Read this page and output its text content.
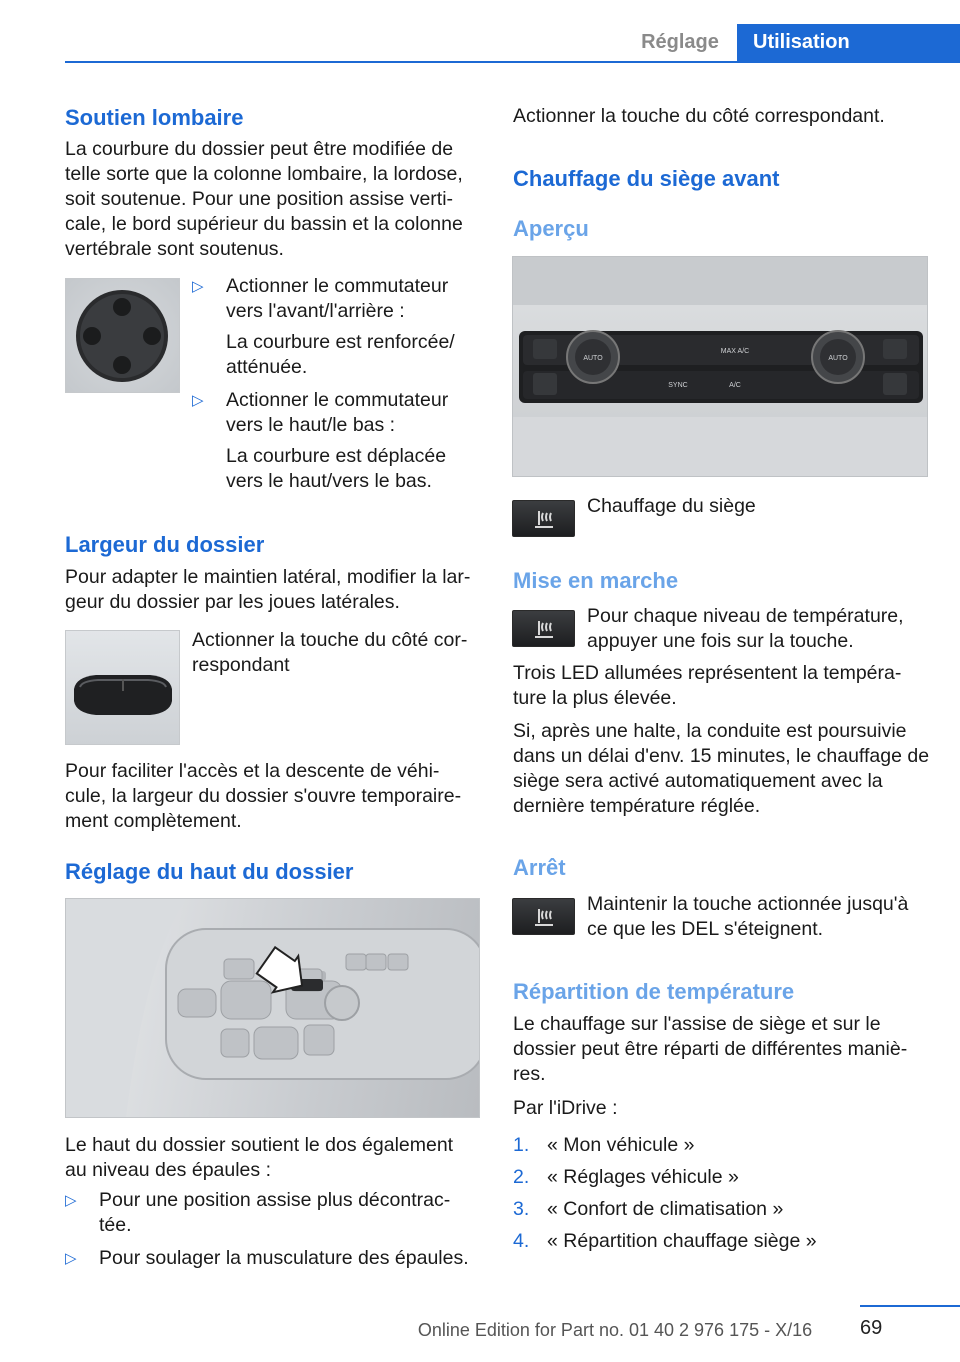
Réglage	Utilisation
Soutien lombaire

La courbure du dossier peut être modifiée de telle sorte que la colonne lombaire, la lordose, soit soutenue. Pour une position assise verti-cale, le bord supérieur du bassin et la colonne vertébrale sont soutenus.

▷	Actionner le commutateur vers l'avant/l'arrière :

La courbure est renforcée/ atténuée.

▷	Actionner le commutateur vers le haut/le bas :

La courbure est déplacée vers le haut/vers le bas.

Largeur du dossier

Pour adapter le maintien latéral, modifier la lar-geur du dossier par les joues latérales.

Actionner la touche du côté cor-respondant

Pour faciliter l'accès et la descente de véhi-cule, la largeur du dossier s'ouvre temporaire-ment complètement.

Réglage du haut du dossier

Le haut du dossier soutient le dos également au niveau des épaules :

▷	Pour une position assise plus décontrac-tée.

▷	Pour soulager la musculature des épaules.

Actionner la touche du côté correspondant.

Chauffage du siège avant
Aperçu
AUTO
MAX A/C
SYNC	A/C
AUTO

Chauffage du siège

Mise en marche

Pour chaque niveau de température, appuyer une fois sur la touche.

Trois LED allumées représentent la tempéra-ture la plus élevée.

Si, après une halte, la conduite est poursuivie dans un délai d'env. 15 minutes, le chauffage de siège sera activé automatiquement avec la dernière température réglée.

Arrêt

Maintenir la touche actionnée jusqu'à ce que les DEL s'éteignent.

Répartition de température

Le chauffage sur l'assise de siège et sur le dossier peut être réparti de différentes maniè-res.

Par l'iDrive :

1. « Mon véhicule »
2. « Réglages véhicule »
3. « Confort de climatisation »
4. « Répartition chauffage siège »
69
Online Edition for Part no. 01 40 2 976 175 - X/16
